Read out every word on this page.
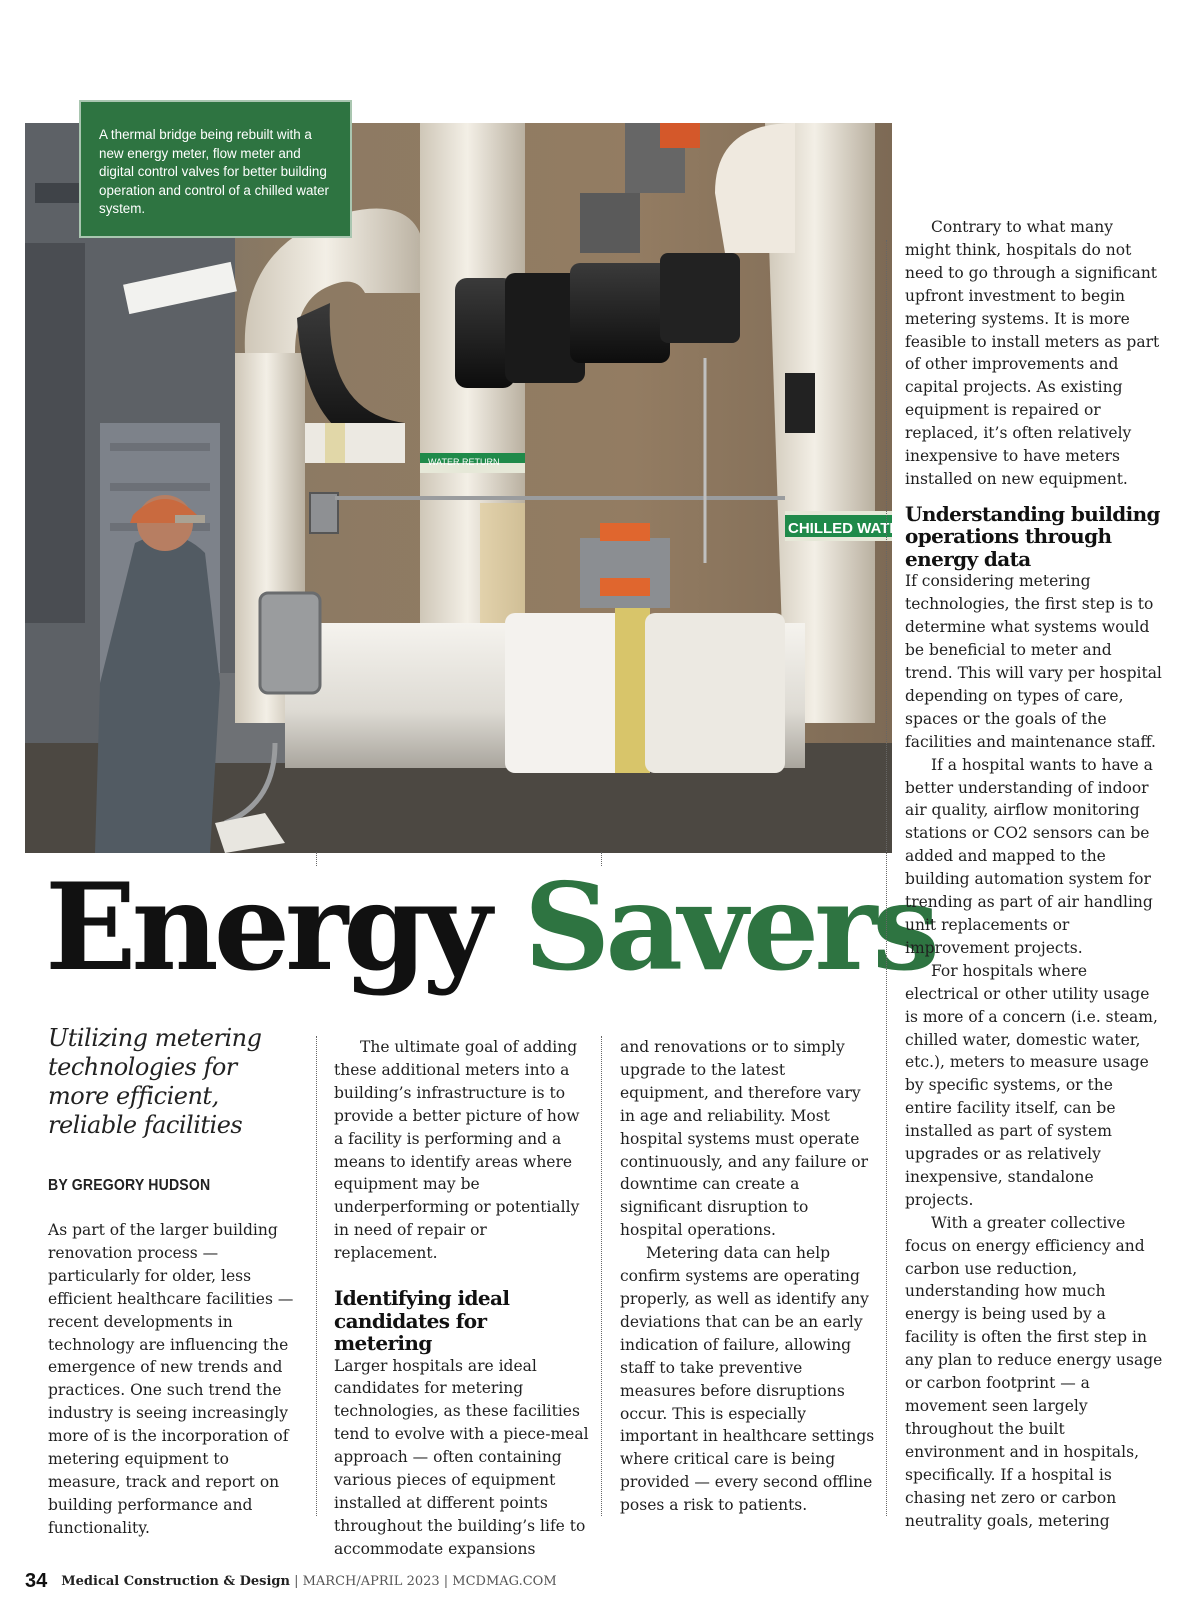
WATER RETURN
CHILLED WATER RE
A thermal bridge being rebuilt with a new energy meter, flow meter and digital control valves for better building operation and control of a chilled water system.
Energy Savers
Utilizing metering technologies for more efficient, reliable facilities
BY GREGORY HUDSON

As part of the larger building renovation process — particularly for older, less efficient healthcare facilities — recent developments in technology are influencing the emergence of new trends and practices. One such trend the industry is seeing increasingly more of is the incorporation of metering equipment to measure, track and report on building performance and functionality.

The ultimate goal of adding these additional meters into a building’s infrastructure is to provide a better picture of how a facility is performing and a means to identify areas where equipment may be underperforming or potentially in need of repair or replacement.

Identifying ideal candidates for metering

Larger hospitals are ideal candidates for metering technologies, as these facilities tend to evolve with a piece-meal approach — often containing various pieces of equipment installed at different points throughout the building’s life to accommodate expansions

and renovations or to simply upgrade to the latest equipment, and therefore vary in age and reliability. Most hospital systems must operate continuously, and any failure or downtime can create a significant disruption to hospital operations.

Metering data can help confirm systems are operating properly, as well as identify any deviations that can be an early indication of failure, allowing staff to take preventive measures before disruptions occur. This is especially important in healthcare settings where critical care is being provided — every second offline poses a risk to patients.

Contrary to what many might think, hospitals do not need to go through a significant upfront investment to begin metering systems. It is more feasible to install meters as part of other improvements and capital projects. As existing equipment is repaired or replaced, it’s often relatively inexpensive to have meters installed on new equipment.

Understanding building operations through energy data

If considering metering technologies, the first step is to determine what systems would be beneficial to meter and trend. This will vary per hospital depending on types of care, spaces or the goals of the facilities and maintenance staff.

If a hospital wants to have a better understanding of indoor air quality, airflow monitoring stations or CO2 sensors can be added and mapped to the building automation system for trending as part of air handling unit replacements or improvement projects.

For hospitals where electrical or other utility usage is more of a concern (i.e. steam, chilled water, domestic water, etc.), meters to measure usage by specific systems, or the entire facility itself, can be installed as part of system upgrades or as relatively inexpensive, standalone projects.

With a greater collective focus on energy efficiency and carbon use reduction, understanding how much energy is being used by a facility is often the first step in any plan to reduce energy usage or carbon footprint — a movement seen largely throughout the built environment and in hospitals, specifically. If a hospital is chasing net zero or carbon neutrality goals, metering

34 Medical Construction & Design | MARCH/APRIL 2023 | MCDMAG.COM
